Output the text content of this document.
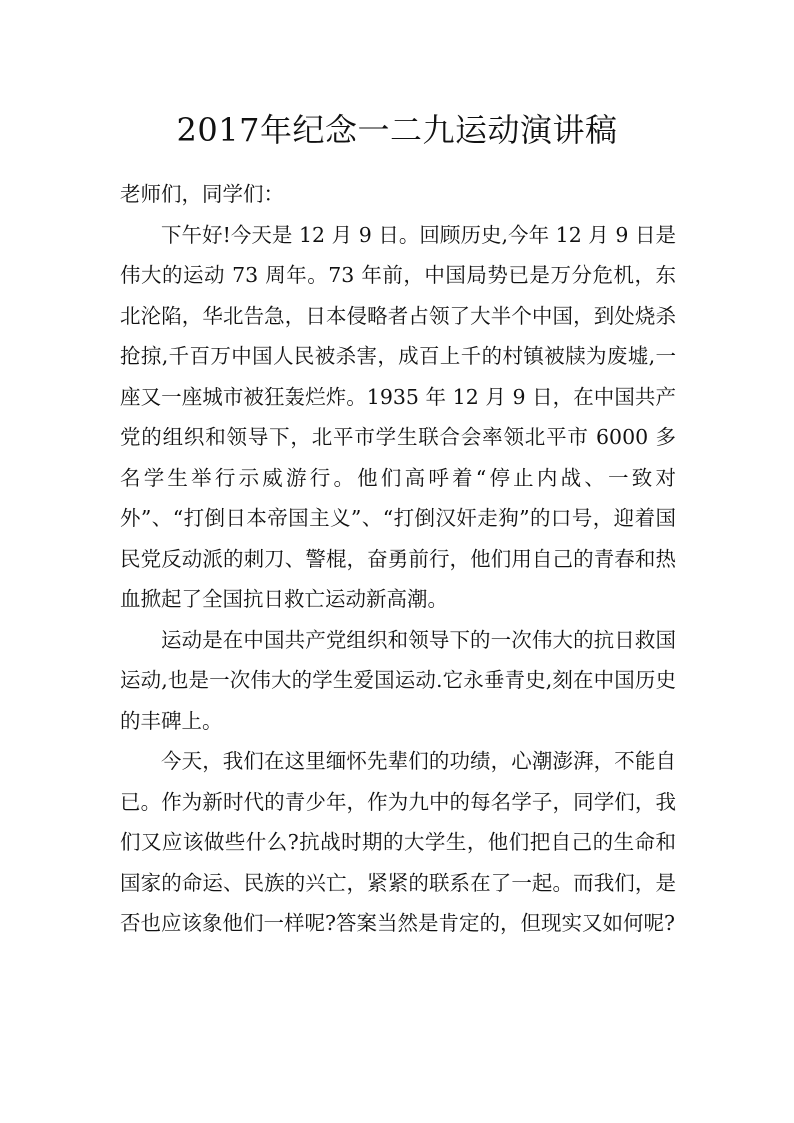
2017年纪念一二九运动演讲稿

老师们，同学们：

下午好!今天是 12 月 9 日。回顾历史,今年 12 月 9 日是伟大的运动 73 周年。73 年前，中国局势已是万分危机，东北沦陷，华北告急，日本侵略者占领了大半个中国，到处烧杀抢掠,千百万中国人民被杀害，成百上千的村镇被牍为废墟,一座又一座城市被狂轰烂炸。1935 年 12 月 9 日，在中国共产党的组织和领导下，北平市学生联合会率领北平市 6000 多名学生举行示威游行。他们高呼着“停止内战、一致对外”、“打倒日本帝国主义”、“打倒汉奸走狗”的口号，迎着国民党反动派的刺刀、警棍，奋勇前行，他们用自己的青春和热血掀起了全国抗日救亡运动新高潮。

运动是在中国共产党组织和领导下的一次伟大的抗日救国运动,也是一次伟大的学生爱国运动.它永垂青史,刻在中国历史的丰碑上。

今天，我们在这里缅怀先辈们的功绩，心潮澎湃，不能自已。作为新时代的青少年，作为九中的每名学子，同学们，我们又应该做些什么?抗战时期的大学生，他们把自己的生命和国家的命运、民族的兴亡，紧紧的联系在了一起。而我们，是否也应该象他们一样呢?答案当然是肯定的，但现实又如何呢?
